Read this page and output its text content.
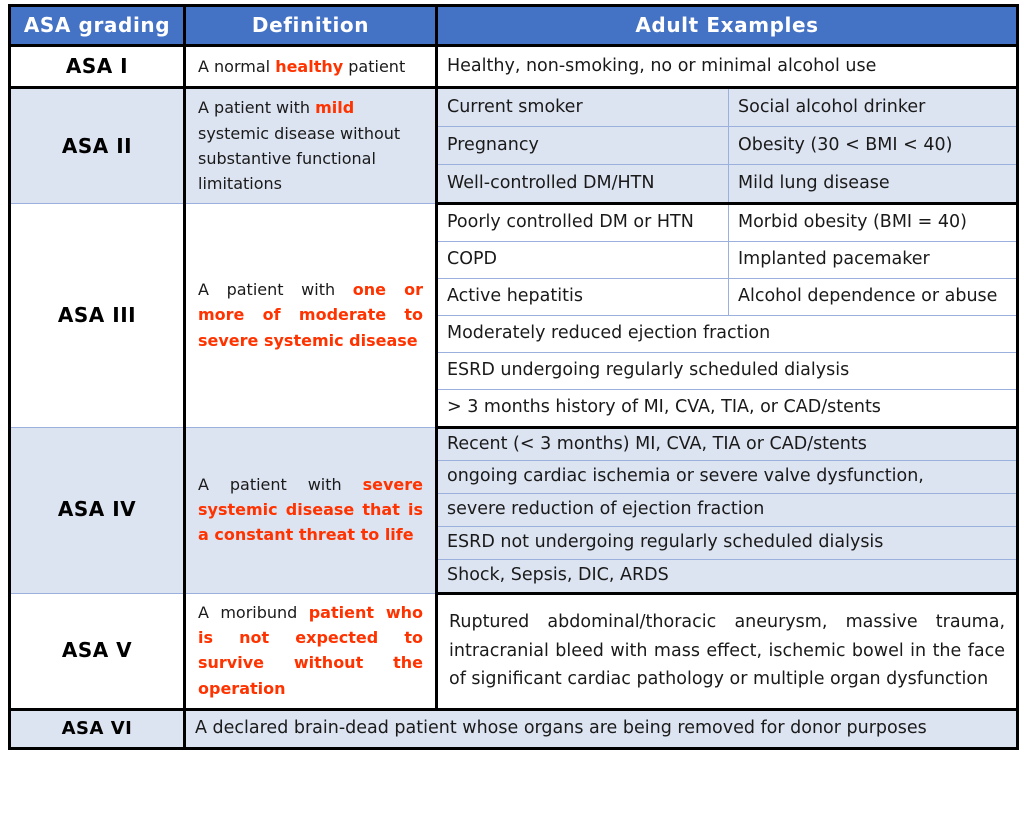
ASA grading	Definition	Adult Examples	
ASA I	A normal healthy patient	Healthy, non-smoking, no or minimal alcohol use	
ASA II	A patient with mild systemic disease without substantive functional limitations	Current smoker	Social alcohol drinker
		Pregnancy	Obesity (30 < BMI < 40)
		Well-controlled DM/HTN	Mild lung disease
ASA III	A patient with one or more of moderate to severe systemic disease	Poorly controlled DM or HTN	Morbid obesity (BMI = 40)
		COPD	Implanted pacemaker
		Active hepatitis	Alcohol dependence or abuse
		Moderately reduced ejection fraction	
		ESRD undergoing regularly scheduled dialysis	
		> 3 months history of MI, CVA, TIA, or CAD/stents	
ASA IV	A patient with severe systemic disease that is a constant threat to life	Recent (< 3 months) MI, CVA, TIA or CAD/stents	
		ongoing cardiac ischemia or severe valve dysfunction,	
		severe reduction of ejection fraction	
		ESRD not undergoing regularly scheduled dialysis	
		Shock, Sepsis, DIC, ARDS	
ASA V	A moribund patient who is not expected to survive without the operation	Ruptured abdominal/thoracic aneurysm, massive trauma, intracranial bleed with mass effect, ischemic bowel in the face of significant cardiac pathology or multiple organ dysfunction	
ASA VI	A declared brain-dead patient whose organs are being removed for donor purposes		
